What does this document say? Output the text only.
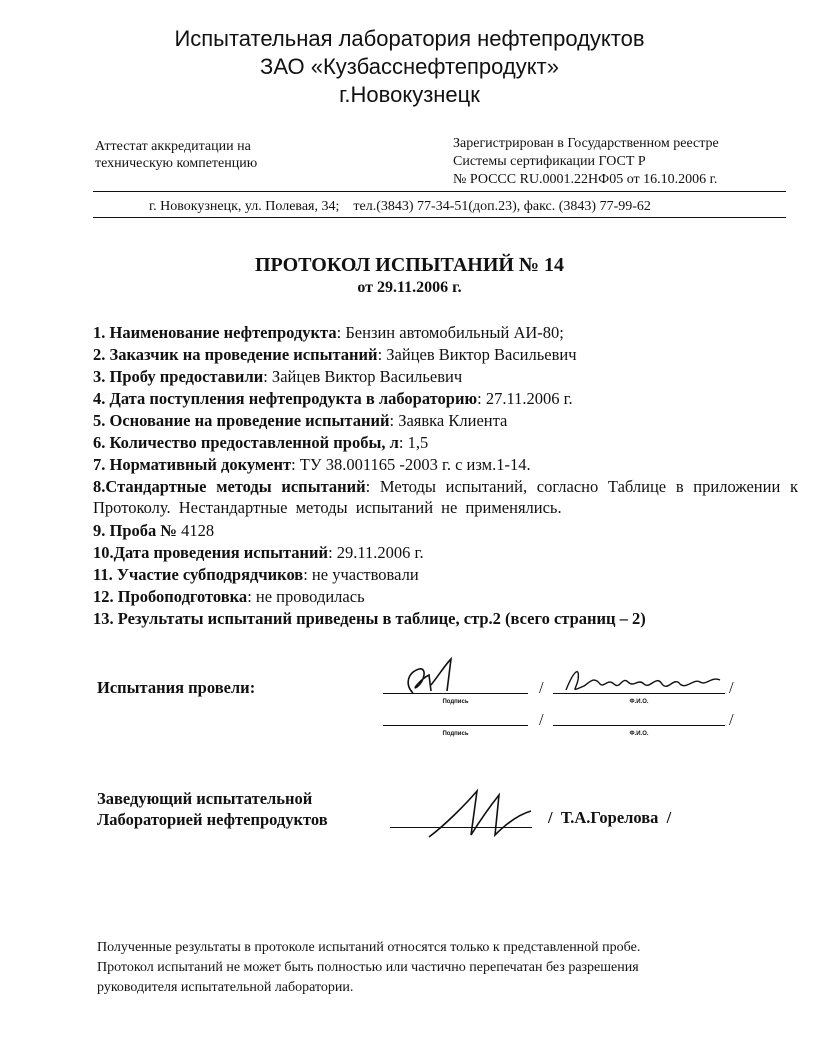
Испытательная лаборатория нефтепродуктов
ЗАО «Кузбасснефтепродукт»
г.Новокузнецк
Аттестат аккредитации на
техническую компетенцию
Зарегистрирован в Государственном реестре
Системы сертификации ГОСТ Р
№ РОССС RU.0001.22НФ05 от 16.10.2006 г.
г. Новокузнецк, ул. Полевая, 34;    тел.(3843) 77-34-51(доп.23), факс. (3843) 77-99-62
ПРОТОКОЛ ИСПЫТАНИЙ № 14
от 29.11.2006 г.
1. Наименование нефтепродукта: Бензин автомобильный АИ-80;
2. Заказчик на проведение испытаний: Зайцев Виктор Васильевич
3. Пробу предоставили: Зайцев Виктор Васильевич
4. Дата поступления нефтепродукта в лабораторию: 27.11.2006 г.
5. Основание на проведение испытаний: Заявка Клиента
6. Количество предоставленной пробы, л: 1,5
7. Нормативный документ: ТУ 38.001165 -2003 г. с изм.1-14.
8.Стандартные методы испытаний: Методы испытаний, согласно Таблице в приложении к Протоколу. Нестандартные методы испытаний не применялись.
9. Проба № 4128
10.Дата проведения испытаний: 29.11.2006 г.
11. Участие субподрядчиков: не участвовали
12. Пробоподготовка: не проводилась
13. Результаты испытаний приведены в таблице, стр.2 (всего страниц – 2)
Испытания провели:
Подпись
/
Ф.И.О.
/
Подпись
/
Ф.И.О.
/
Заведующий испытательной
Лабораторией нефтепродуктов	/  Т.А.Горелова  /
Полученные результаты в протоколе испытаний относятся только к представленной пробе.
Протокол испытаний не может быть полностью или частично перепечатан без разрешения
руководителя испытательной лаборатории.
